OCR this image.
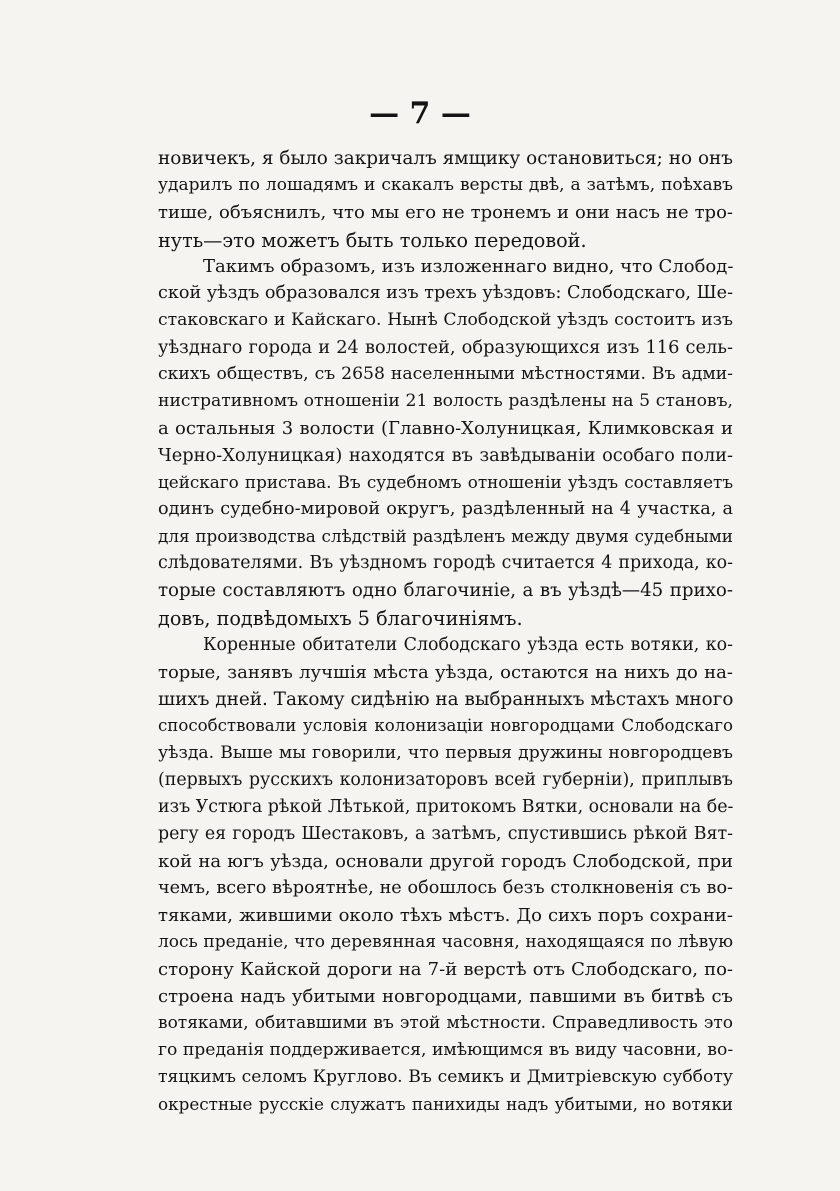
— 7 —
новичекъ, я было закричалъ ямщику остановиться; но онъ
ударилъ по лошадямъ и скакалъ версты двѣ, а затѣмъ, поѣхавъ
тише, объяснилъ, что мы его не тронемъ и они насъ не тро-
нуть—это можетъ быть только передовой.
Такимъ образомъ, изъ изложеннаго видно, что Слобод-
ской уѣздъ образовался изъ трехъ уѣздовъ: Слободскаго, Ше-
стаковскаго и Кайскаго. Нынѣ Слободской уѣздъ состоитъ изъ
уѣзднаго города и 24 волостей, образующихся изъ 116 сель-
скихъ обществъ, съ 2658 населенными мѣстностями. Въ адми-
нистративномъ отношеніи 21 волость раздѣлены на 5 становъ,
а остальныя 3 волости (Главно-Холуницкая, Климковская и
Черно-Холуницкая) находятся въ завѣдываніи особаго поли-
цейскаго пристава. Въ судебномъ отношеніи уѣздъ составляетъ
одинъ судебно-мировой округъ, раздѣленный на 4 участка, а
для производства слѣдствій раздѣленъ между двумя судебными
слѣдователями. Въ уѣздномъ городѣ считается 4 прихода, ко-
торые составляютъ одно благочиніе, а въ уѣздѣ—45 прихо-
довъ, подвѣдомыхъ 5 благочиніямъ.
Коренные обитатели Слободскаго уѣзда есть вотяки, ко-
торые, занявъ лучшія мѣста уѣзда, остаются на нихъ до на-
шихъ дней. Такому сидѣнію на выбранныхъ мѣстахъ много
способствовали условія колонизаціи новгородцами Слободскаго
уѣзда. Выше мы говорили, что первыя дружины новгородцевъ
(первыхъ русскихъ колонизаторовъ всей губерніи), приплывъ
изъ Устюга рѣкой Лѣтькой, притокомъ Вятки, основали на бе-
регу ея городъ Шестаковъ, а затѣмъ, спустившись рѣкой Вят-
кой на югъ уѣзда, основали другой городъ Слободской, при
чемъ, всего вѣроятнѣе, не обошлось безъ столкновенія съ во-
тяками, жившими около тѣхъ мѣстъ. До сихъ поръ сохрани-
лось преданіе, что деревянная часовня, находящаяся по лѣвую
сторону Кайской дороги на 7-й верстѣ отъ Слободскаго, по-
строена надъ убитыми новгородцами, павшими въ битвѣ съ
вотяками, обитавшими въ этой мѣстности. Справедливость это
го преданія поддерживается, имѣющимся въ виду часовни, во-
тяцкимъ селомъ Кругловo. Въ семикъ и Дмитріевскую субботу
окрестные русскіе служатъ панихиды надъ убитыми, но вотяки
